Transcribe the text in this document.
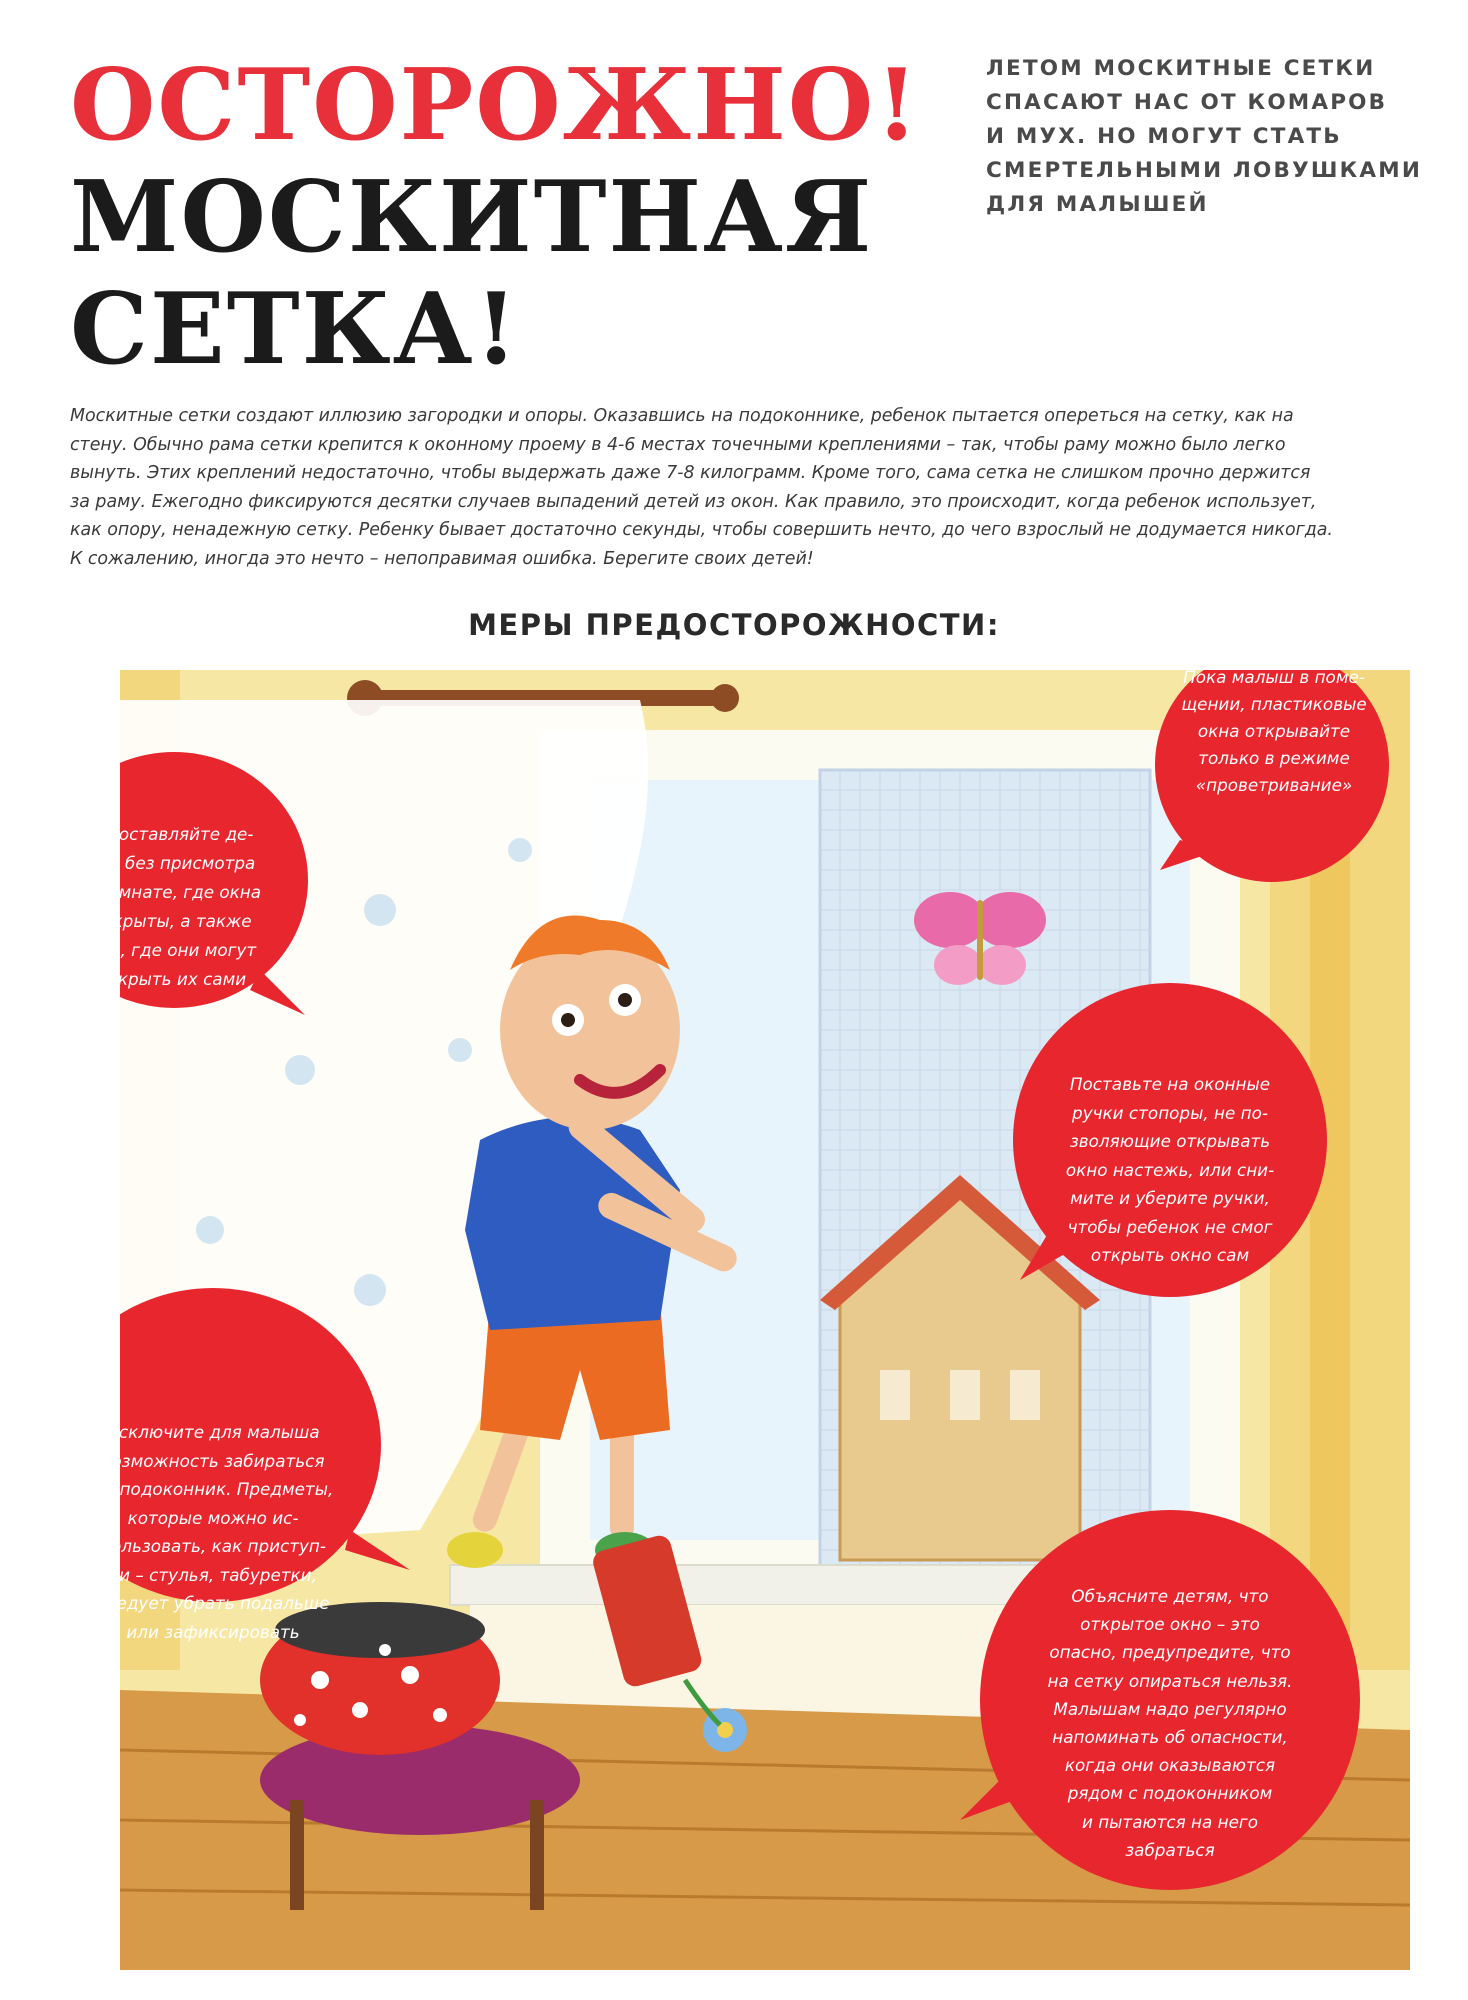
ОСТОРОЖНО!
МОСКИТНАЯ
СЕТКА!
ЛЕТОМ МОСКИТНЫЕ СЕТКИ
СПАСАЮТ НАС ОТ КОМАРОВ
И МУХ. НО МОГУТ СТАТЬ
СМЕРТЕЛЬНЫМИ ЛОВУШКАМИ
ДЛЯ МАЛЫШЕЙ
Москитные сетки создают иллюзию загородки и опоры. Оказавшись на подоконнике, ребенок пытается опереться на сетку, как на
стену. Обычно рама сетки крепится к оконному проему в 4-6 местах точечными креплениями – так, чтобы раму можно было легко
вынуть. Этих креплений недостаточно, чтобы выдержать даже 7-8 килограмм. Кроме того, сама сетка не слишком прочно держится
за раму. Ежегодно фиксируются десятки случаев выпадений детей из окон. Как правило, это происходит, когда ребенок использует,
как опору, ненадежную сетку. Ребенку бывает достаточно секунды, чтобы совершить нечто, до чего взрослый не додумается никогда.
К сожалению, иногда это нечто – непоправимая ошибка. Берегите своих детей!
МЕРЫ ПРЕДОСТОРОЖНОСТИ:
Пока малыш в поме-
щении, пластиковые
окна открывайте
только в режиме
«проветривание»
Не оставляйте де-
тей без присмотра
в комнате, где окна
открыты, а также
там, где они могут
открыть их сами
Поставьте на оконные
ручки стопоры, не по-
зволяющие открывать
окно настежь, или сни-
мите и уберите ручки,
чтобы ребенок не смог
открыть окно сам
Исключите для малыша
возможность забираться
на подоконник. Предметы,
которые можно ис-
пользовать, как приступ-
ки – стулья, табуретки,
следует убрать подальше
или зафиксировать
Объясните детям, что
открытое окно – это
опасно, предупредите, что
на сетку опираться нельзя.
Малышам надо регулярно
напоминать об опасности,
когда они оказываются
рядом с подоконником
и пытаются на него
забраться
